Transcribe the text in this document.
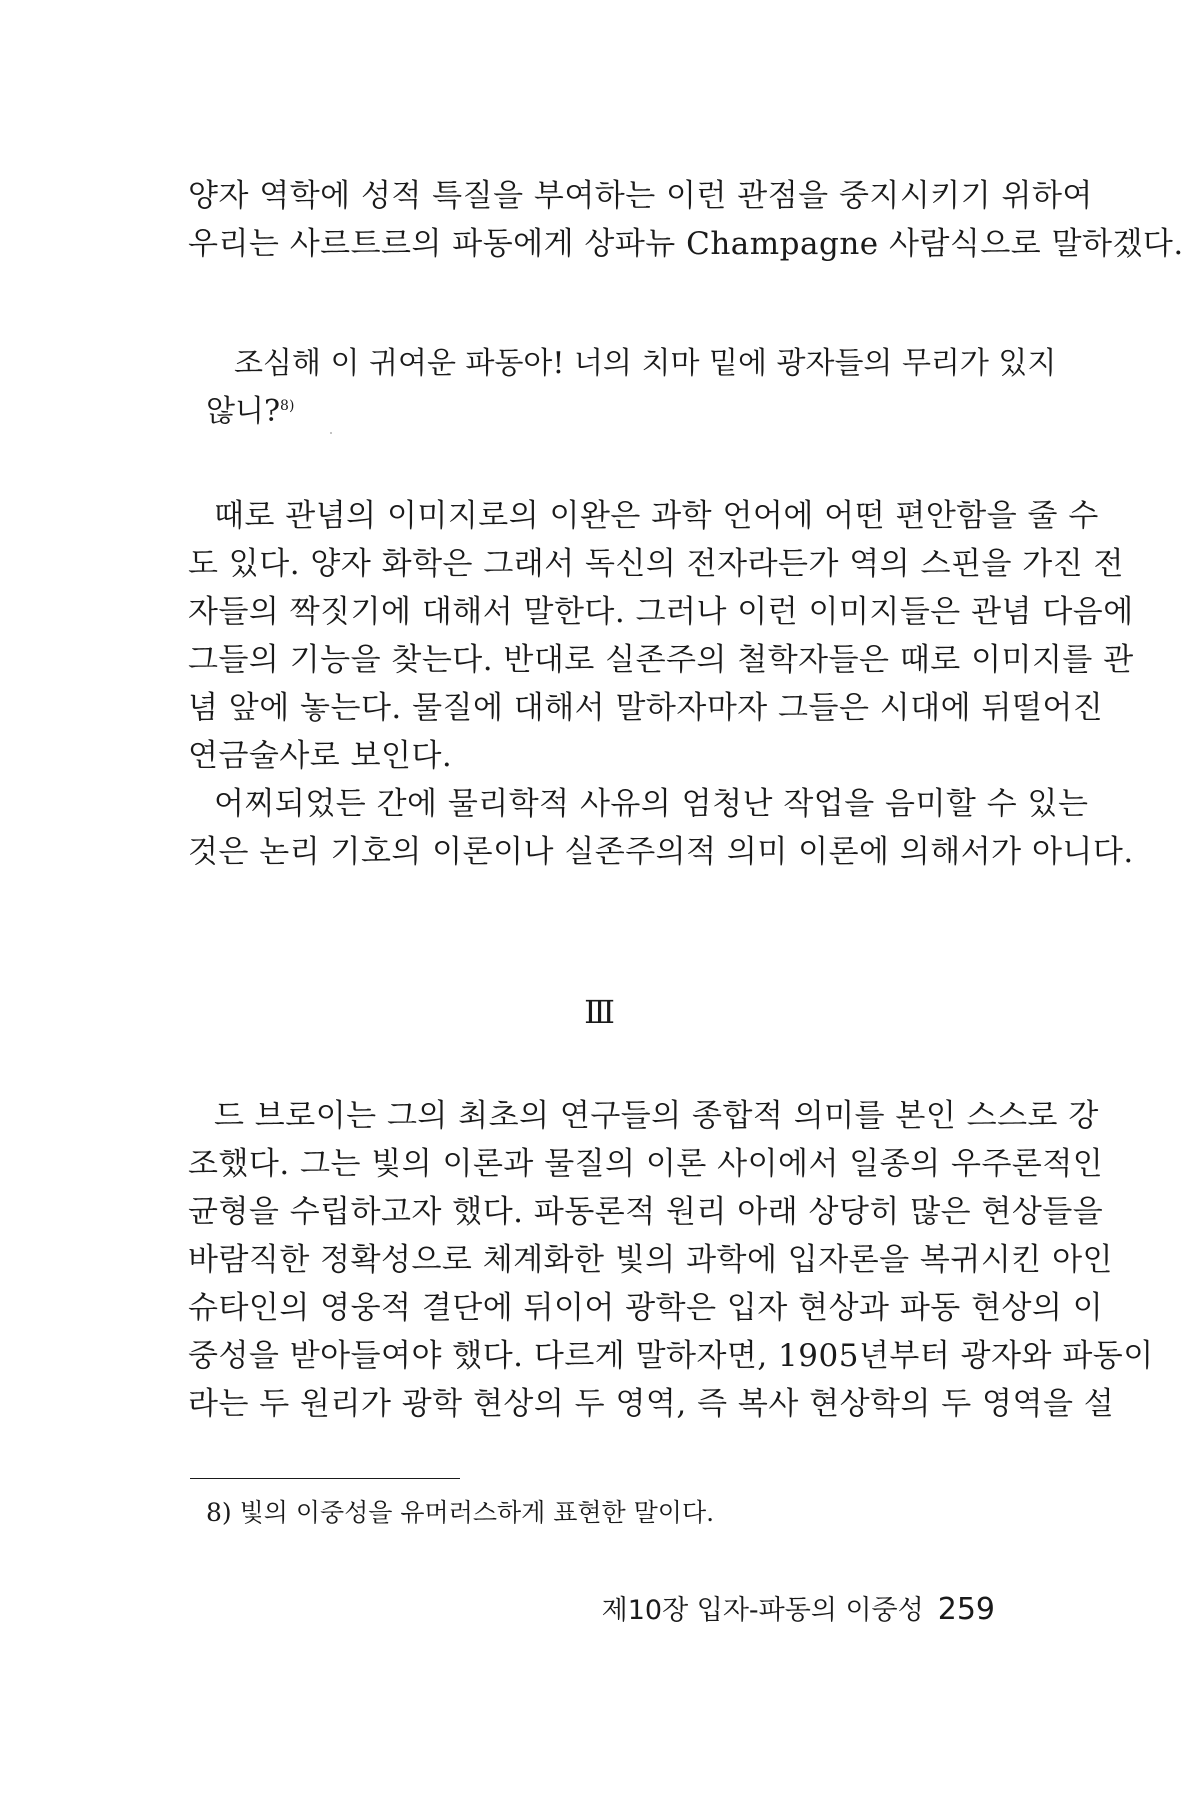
양자 역학에 성적 특질을 부여하는 이런 관점을 중지시키기 위하여
우리는 사르트르의 파동에게 상파뉴 Champagne 사람식으로 말하겠다.
조심해 이 귀여운 파동아! 너의 치마 밑에 광자들의 무리가 있지
않니?$^{8)}$
때로 관념의 이미지로의 이완은 과학 언어에 어떤 편안함을 줄 수
도 있다. 양자 화학은 그래서 독신의 전자라든가 역의 스핀을 가진 전
자들의 짝짓기에 대해서 말한다. 그러나 이런 이미지들은 관념 다음에
그들의 기능을 찾는다. 반대로 실존주의 철학자들은 때로 이미지를 관
념 앞에 놓는다. 물질에 대해서 말하자마자 그들은 시대에 뒤떨어진
연금술사로 보인다.
어찌되었든 간에 물리학적 사유의 엄청난 작업을 음미할 수 있는
것은 논리 기호의 이론이나 실존주의적 의미 이론에 의해서가 아니다.
Ⅲ
드 브로이는 그의 최초의 연구들의 종합적 의미를 본인 스스로 강
조했다. 그는 빛의 이론과 물질의 이론 사이에서 일종의 우주론적인
균형을 수립하고자 했다. 파동론적 원리 아래 상당히 많은 현상들을
바람직한 정확성으로 체계화한 빛의 과학에 입자론을 복귀시킨 아인
슈타인의 영웅적 결단에 뒤이어 광학은 입자 현상과 파동 현상의 이
중성을 받아들여야 했다. 다르게 말하자면, 1905년부터 광자와 파동이
라는 두 원리가 광학 현상의 두 영역, 즉 복사 현상학의 두 영역을 설
8) 빛의 이중성을 유머러스하게 표현한 말이다.
제10장 입자-파동의 이중성 259
